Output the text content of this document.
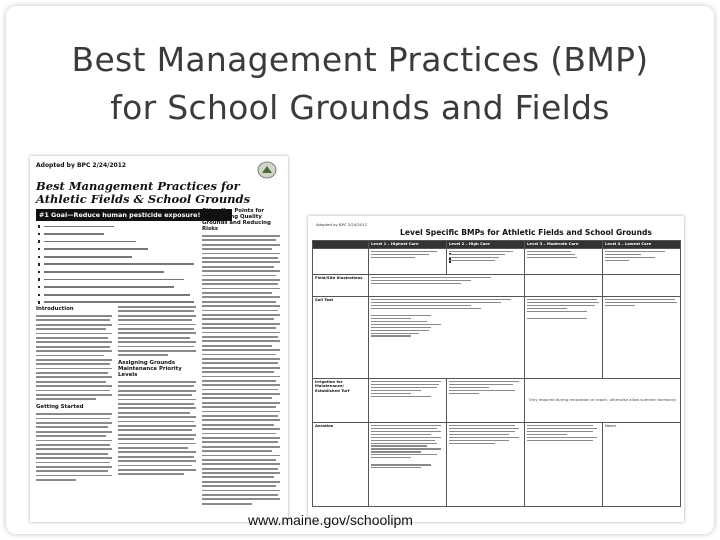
Best Management Practices (BMP)
for School Grounds and Fields
Adopted by BPC 2/24/2012
Best Management Practices for
Athletic Fields & School Grounds
#1 Goal—Reduce human pesticide exposure!
Introduction
Getting Started
Assigning Grounds Maintenance Priority Levels
Other Key Points for Maintaining Quality Grounds and Reducing Risks
Adopted by BPC 2/24/2012
Level Specific BMPs for Athletic Fields and School Grounds
	Level 1 – Highest Care	Level 2 – High Care	Level 3 – Moderate Care	Level 4 – Lowest Care

Field/Site Illustrations		

Soil Test		

Irrigation for Maintenance/ Established Turf			Only required during renovation or repair, otherwise allow summer dormancy	
Aeration				Never
www.maine.gov/schoolipm
